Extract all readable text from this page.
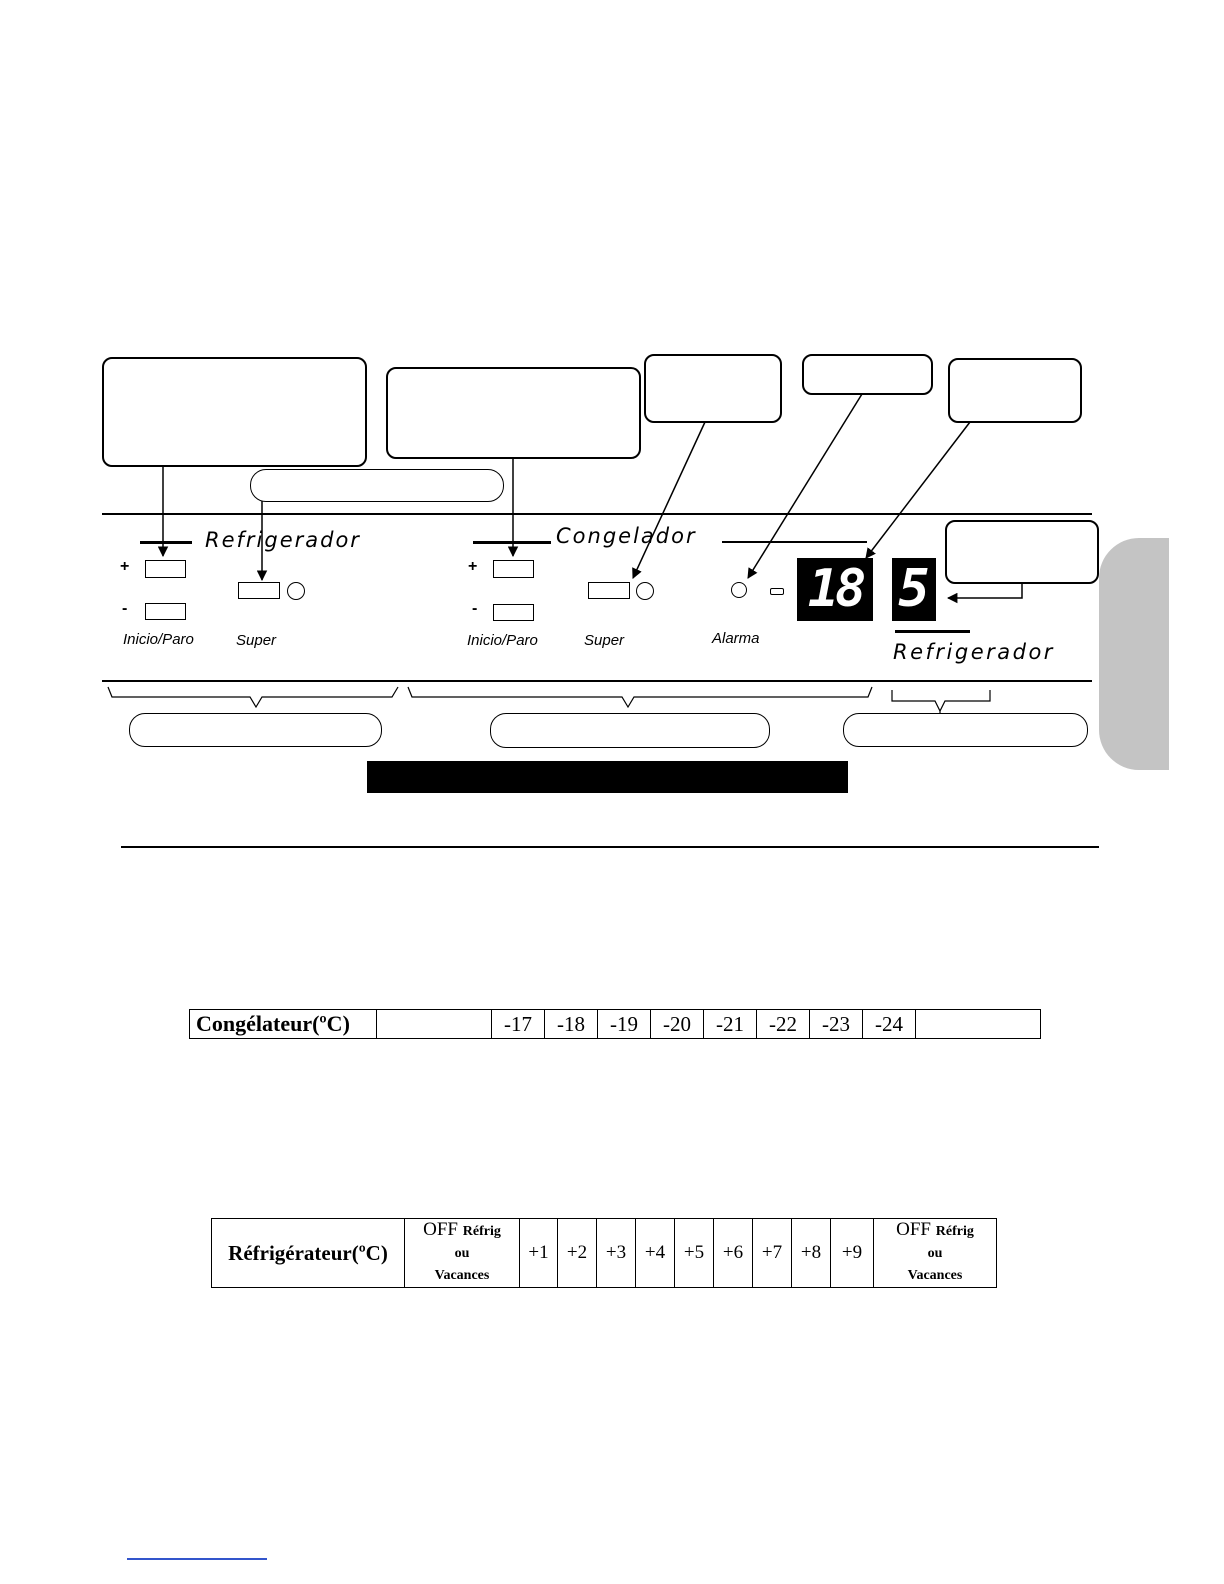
Refrigerador
+
-
Inicio/Paro	Super
Congelador
+
-
Inicio/Paro	Super	Alarma
18 5
Refrigerador
Congélateur(ºC)		-17	-18	-19	-20	-21	-22	-23	-24	
Réfrigérateur(ºC)	OFF Réfrig
ou
Vacances	+1	+2	+3	+4	+5	+6	+7	+8	+9	OFF Réfrig
ou
Vacances
